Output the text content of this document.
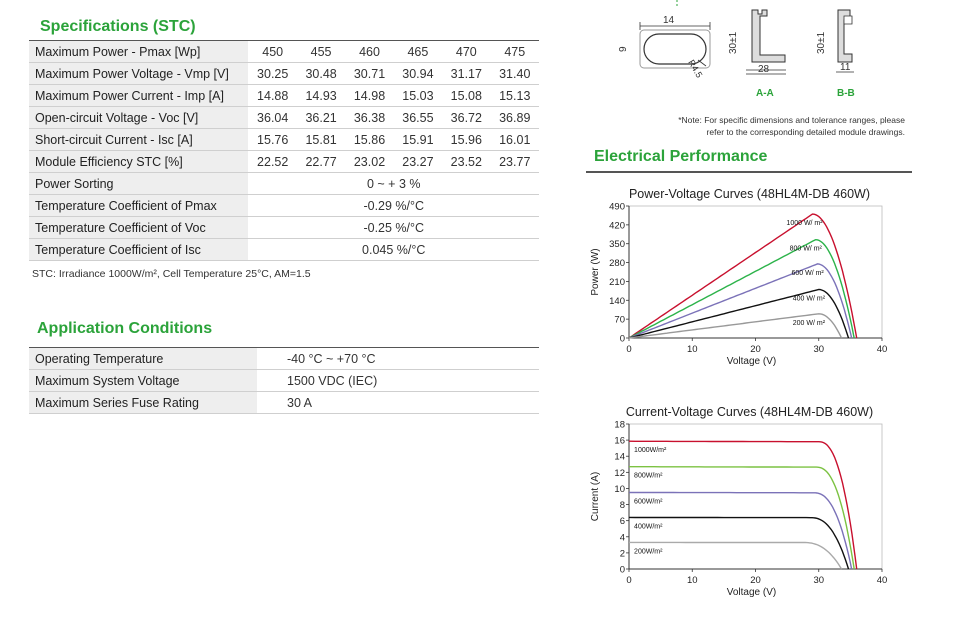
Specifications (STC)
Maximum Power - Pmax [Wp]	450	455	460	465	470	475
Maximum Power Voltage - Vmp [V]	30.25	30.48	30.71	30.94	31.17	31.40
Maximum Power Current - Imp [A]	14.88	14.93	14.98	15.03	15.08	15.13
Open-circuit Voltage - Voc [V]	36.04	36.21	36.38	36.55	36.72	36.89
Short-circuit Current - Isc [A]	15.76	15.81	15.86	15.91	15.96	16.01
Module Efficiency STC [%]	22.52	22.77	23.02	23.27	23.52	23.77
Power Sorting	0 ~ + 3 %					
Temperature Coefficient of Pmax	-0.29 %/°C					
Temperature Coefficient of Voc	-0.25 %/°C					
Temperature Coefficient of Isc	0.045 %/°C					
STC: Irradiance 1000W/m², Cell Temperature 25°C, AM=1.5
Application Conditions
Operating Temperature	-40 °C ~ +70 °C
Maximum System Voltage	1500 VDC (IEC)
Maximum Series Fuse Rating	30 A
14
9
R4.5
30±1
28
A-A
30±1
11
B-B
*Note: For specific dimensions and tolerance ranges, please
refer to the corresponding detailed module drawings.
Electrical Performance
Power-Voltage Curves (48HL4M-DB 460W)
0
70
140
210
280
350
420
490
0	10	20	30	40
Voltage (V)
Power (W)
1000 W/ m²
800 W/ m²
600 W/ m²
400 W/ m²
200 W/ m²
Current-Voltage Curves (48HL4M-DB 460W)
0
2
4
6
8
10
12
14
16
18
0	10	20	30	40
Voltage (V)
Current (A)
1000W/m²
800W/m²
600W/m²
400W/m²
200W/m²
